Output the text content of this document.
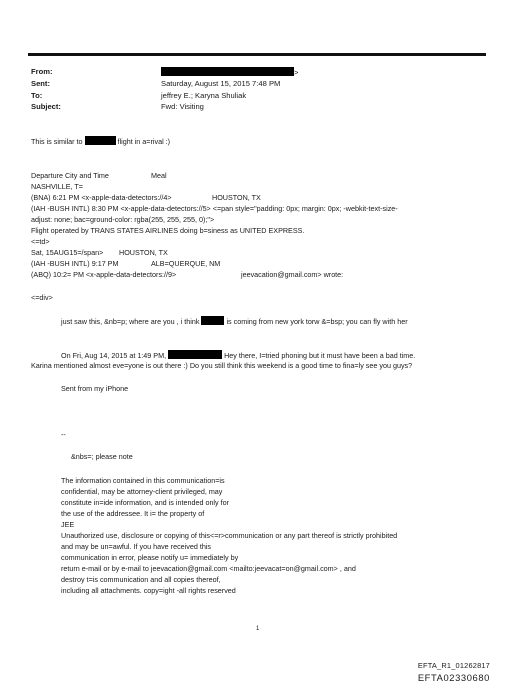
From:	>
Sent:	Saturday, August 15, 2015 7:48 PM
To:	jeffrey E.; Karyna Shuliak
Subject:	Fwd: Visiting
This is similar to	flight in a=rival :)
Departure City and Time	Meal
NASHVILLE, T=
(BNA) 6:21 PM <x-apple-data-detectors://4>	HOUSTON, TX
(IAH -BUSH INTL) 8:30 PM <x-apple-data-detectors://5> <=pan style="padding: 0px; margin: 0px; -webkit-text-size-
adjust: none; bac=ground-color: rgba(255, 255, 255, 0);">
Flight operated by TRANS STATES AIRLINES doing b=siness as UNITED EXPRESS.
<=td>
Sat, 15AUG15=/span> HOUSTON, TX
(IAH -BUSH INTL) 9:17 PM	ALB=QUERQUE, NM
(ABQ) 10:2= PM <x-apple-data-detectors://9>	jeevacation@gmail.com> wrote:
<=div>
just saw this, &nb=p; where are you , i think	is coming from new york torw &=bsp; you can fly with her
On Fri, Aug 14, 2015 at 1:49 PM,	Hey there, I=tried phoning but it must have been a bad time.
Karina mentioned almost eve=yone is out there :) Do you still think this weekend is a good time to fina=ly see you guys?
Sent from my iPhone
--
&nbs=; please note
The information contained in this communication=is
confidential, may be attorney-client privileged, may
constitute in=ide information, and is intended only for
the use of the addressee. It i= the property of
JEE
Unauthorized use, disclosure or copying of this<=r>communication or any part thereof is strictly prohibited
and may be un=awful. If you have received this
communication in error, please notify u= immediately by
return e-mail or by e-mail to jeevacation@gmail.com <mailto:jeevacat=on@gmail.com> , and
destroy t=is communication and all copies thereof,
including all attachments. copy=ight -all rights reserved
1
EFTA_R1_01262817
EFTA02330680
